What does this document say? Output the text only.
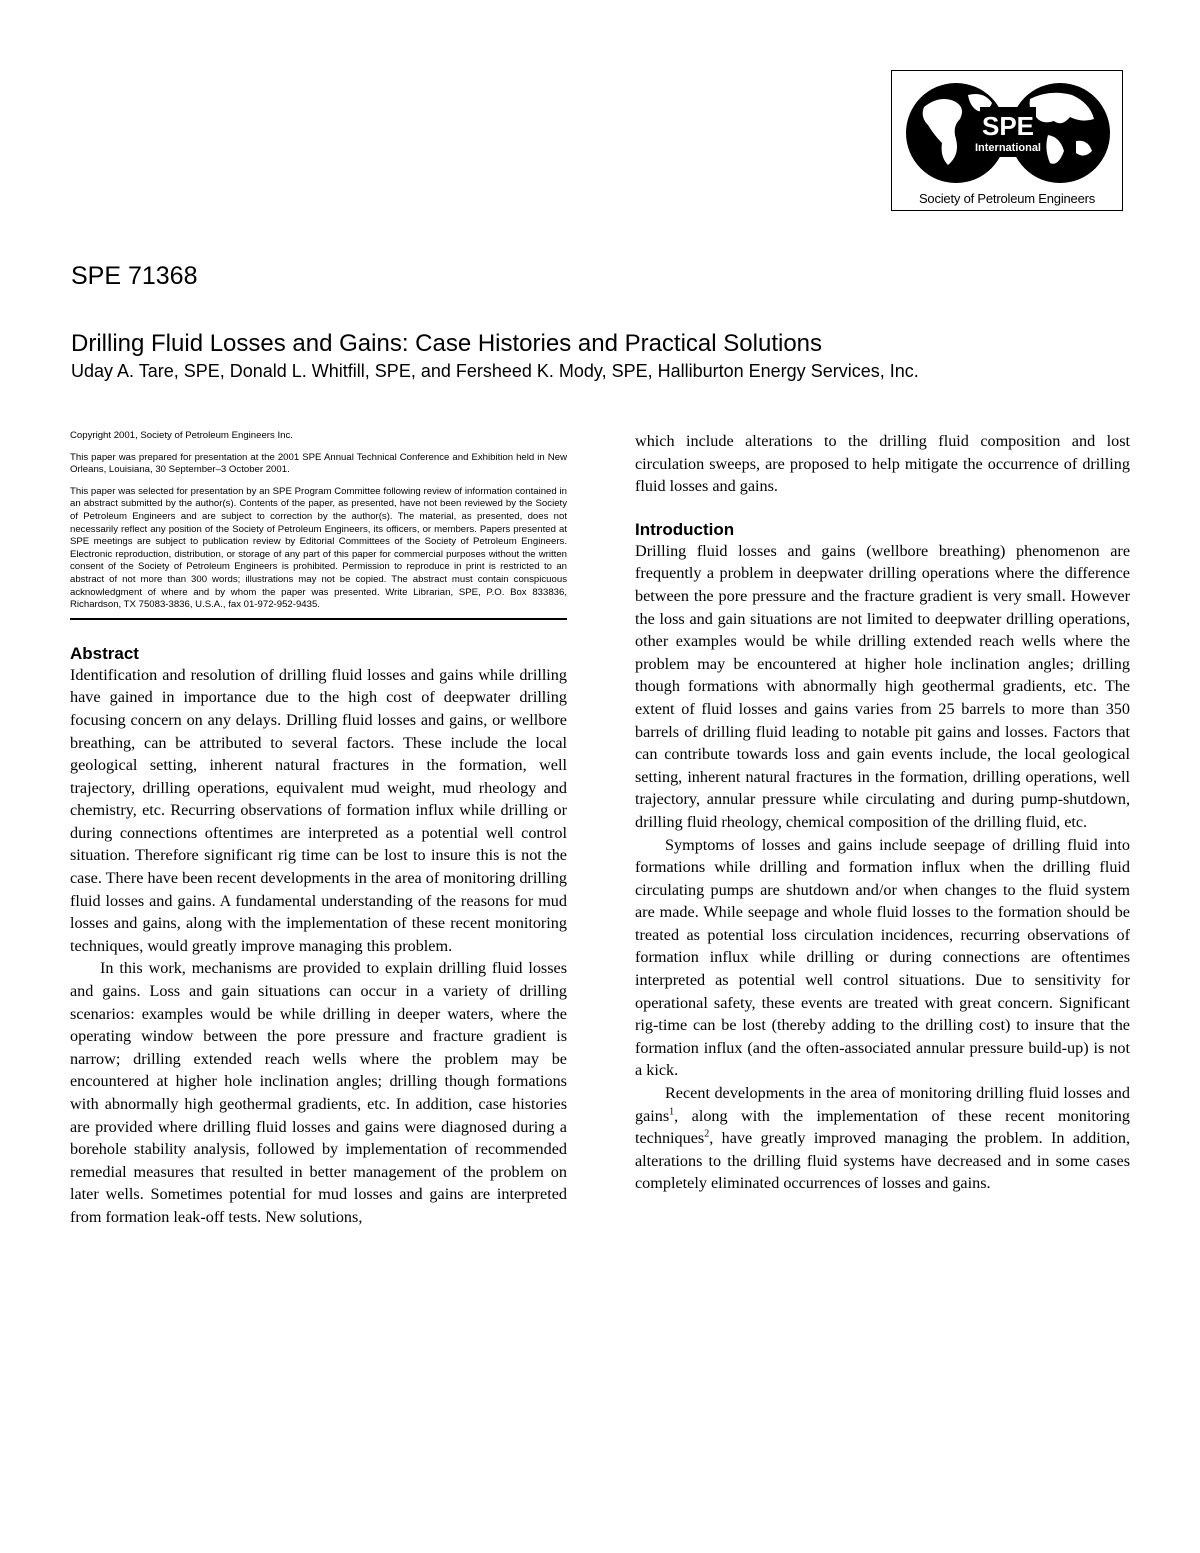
SPE
International
Society of Petroleum Engineers
SPE 71368
Drilling Fluid Losses and Gains: Case Histories and Practical Solutions
Uday A. Tare, SPE, Donald L. Whitfill, SPE, and Fersheed K. Mody, SPE, Halliburton Energy Services, Inc.

Copyright 2001, Society of Petroleum Engineers Inc.

This paper was prepared for presentation at the 2001 SPE Annual Technical Conference and Exhibition held in New Orleans, Louisiana, 30 September–3 October 2001.

This paper was selected for presentation by an SPE Program Committee following review of information contained in an abstract submitted by the author(s). Contents of the paper, as presented, have not been reviewed by the Society of Petroleum Engineers and are subject to correction by the author(s). The material, as presented, does not necessarily reflect any position of the Society of Petroleum Engineers, its officers, or members. Papers presented at SPE meetings are subject to publication review by Editorial Committees of the Society of Petroleum Engineers. Electronic reproduction, distribution, or storage of any part of this paper for commercial purposes without the written consent of the Society of Petroleum Engineers is prohibited. Permission to reproduce in print is restricted to an abstract of not more than 300 words; illustrations may not be copied. The abstract must contain conspicuous acknowledgment of where and by whom the paper was presented. Write Librarian, SPE, P.O. Box 833836, Richardson, TX 75083-3836, U.S.A., fax 01-972-952-9435.

Abstract

Identification and resolution of drilling fluid losses and gains while drilling have gained in importance due to the high cost of deepwater drilling focusing concern on any delays. Drilling fluid losses and gains, or wellbore breathing, can be attributed to several factors. These include the local geological setting, inherent natural fractures in the formation, well trajectory, drilling operations, equivalent mud weight, mud rheology and chemistry, etc. Recurring observations of formation influx while drilling or during connections oftentimes are interpreted as a potential well control situation. Therefore significant rig time can be lost to insure this is not the case. There have been recent developments in the area of monitoring drilling fluid losses and gains. A fundamental understanding of the reasons for mud losses and gains, along with the implementation of these recent monitoring techniques, would greatly improve managing this problem.

In this work, mechanisms are provided to explain drilling fluid losses and gains. Loss and gain situations can occur in a variety of drilling scenarios: examples would be while drilling in deeper waters, where the operating window between the pore pressure and fracture gradient is narrow; drilling extended reach wells where the problem may be encountered at higher hole inclination angles; drilling though formations with abnormally high geothermal gradients, etc. In addition, case histories are provided where drilling fluid losses and gains were diagnosed during a borehole stability analysis, followed by implementation of recommended remedial measures that resulted in better management of the problem on later wells. Sometimes potential for mud losses and gains are interpreted from formation leak-off tests. New solutions,

which include alterations to the drilling fluid composition and lost circulation sweeps, are proposed to help mitigate the occurrence of drilling fluid losses and gains.

Introduction

Drilling fluid losses and gains (wellbore breathing) phenomenon are frequently a problem in deepwater drilling operations where the difference between the pore pressure and the fracture gradient is very small. However the loss and gain situations are not limited to deepwater drilling operations, other examples would be while drilling extended reach wells where the problem may be encountered at higher hole inclination angles; drilling though formations with abnormally high geothermal gradients, etc. The extent of fluid losses and gains varies from 25 barrels to more than 350 barrels of drilling fluid leading to notable pit gains and losses. Factors that can contribute towards loss and gain events include, the local geological setting, inherent natural fractures in the formation, drilling operations, well trajectory, annular pressure while circulating and during pump-shutdown, drilling fluid rheology, chemical composition of the drilling fluid, etc.

Symptoms of losses and gains include seepage of drilling fluid into formations while drilling and formation influx when the drilling fluid circulating pumps are shutdown and/or when changes to the fluid system are made. While seepage and whole fluid losses to the formation should be treated as potential loss circulation incidences, recurring observations of formation influx while drilling or during connections are oftentimes interpreted as potential well control situations. Due to sensitivity for operational safety, these events are treated with great concern. Significant rig-time can be lost (thereby adding to the drilling cost) to insure that the formation influx (and the often-associated annular pressure build-up) is not a kick.

Recent developments in the area of monitoring drilling fluid losses and gains$^1$, along with the implementation of these recent monitoring techniques$^2$, have greatly improved managing the problem. In addition, alterations to the drilling fluid systems have decreased and in some cases completely eliminated occurrences of losses and gains.
